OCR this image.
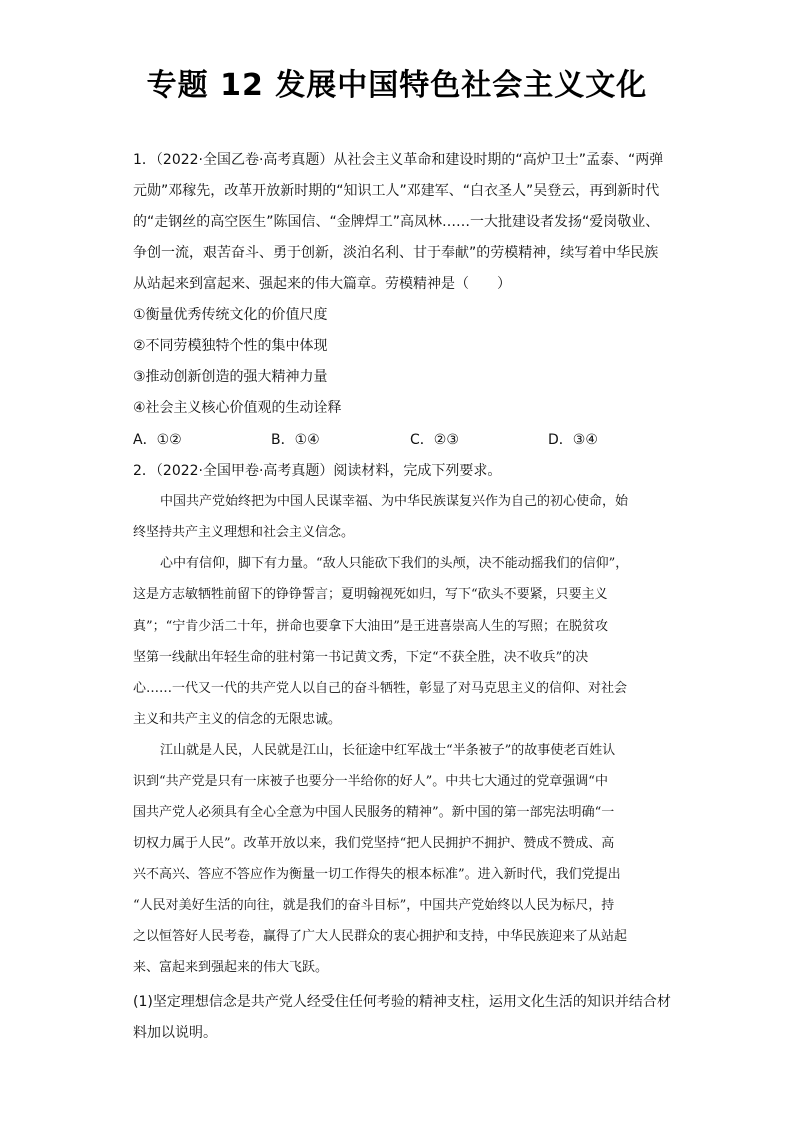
专题 12 发展中国特色社会主义文化
1．（2022·全国乙卷·高考真题）从社会主义革命和建设时期的“高炉卫士”孟泰、“两弹
元勋”邓稼先，改革开放新时期的“知识工人”邓建军、“白衣圣人”吴登云，再到新时代
的“走钢丝的高空医生”陈国信、“金牌焊工”高凤林……一大批建设者发扬“爱岗敬业、
争创一流，艰苦奋斗、勇于创新，淡泊名利、甘于奉献”的劳模精神，续写着中华民族
从站起来到富起来、强起来的伟大篇章。劳模精神是（　　）
①衡量优秀传统文化的价值尺度
②不同劳模独特个性的集中体现
③推动创新创造的强大精神力量
④社会主义核心价值观的生动诠释
A．①②	B．①④	C．②③	D．③④
2．（2022·全国甲卷·高考真题）阅读材料，完成下列要求。
中国共产党始终把为中国人民谋幸福、为中华民族谋复兴作为自己的初心使命，始
终坚持共产主义理想和社会主义信念。
心中有信仰，脚下有力量。“敌人只能砍下我们的头颅，决不能动摇我们的信仰”，
这是方志敏牺牲前留下的铮铮誓言；夏明翰视死如归，写下“砍头不要紧，只要主义
真”；“宁肯少活二十年，拼命也要拿下大油田”是王进喜崇高人生的写照；在脱贫攻
坚第一线献出年轻生命的驻村第一书记黄文秀，下定“不获全胜，决不收兵”的决
心……一代又一代的共产党人以自己的奋斗牺牲，彰显了对马克思主义的信仰、对社会
主义和共产主义的信念的无限忠诚。
江山就是人民，人民就是江山，长征途中红军战士“半条被子”的故事使老百姓认
识到“共产党是只有一床被子也要分一半给你的好人”。中共七大通过的党章强调“中
国共产党人必须具有全心全意为中国人民服务的精神”。新中国的第一部宪法明确“一
切权力属于人民”。改革开放以来，我们党坚持“把人民拥护不拥护、赞成不赞成、高
兴不高兴、答应不答应作为衡量一切工作得失的根本标准”。进入新时代，我们党提出
“人民对美好生活的向往，就是我们的奋斗目标”，中国共产党始终以人民为标尺，持
之以恒答好人民考卷，赢得了广大人民群众的衷心拥护和支持，中华民族迎来了从站起
来、富起来到强起来的伟大飞跃。
(1)坚定理想信念是共产党人经受住任何考验的精神支柱，运用文化生活的知识并结合材
料加以说明。
